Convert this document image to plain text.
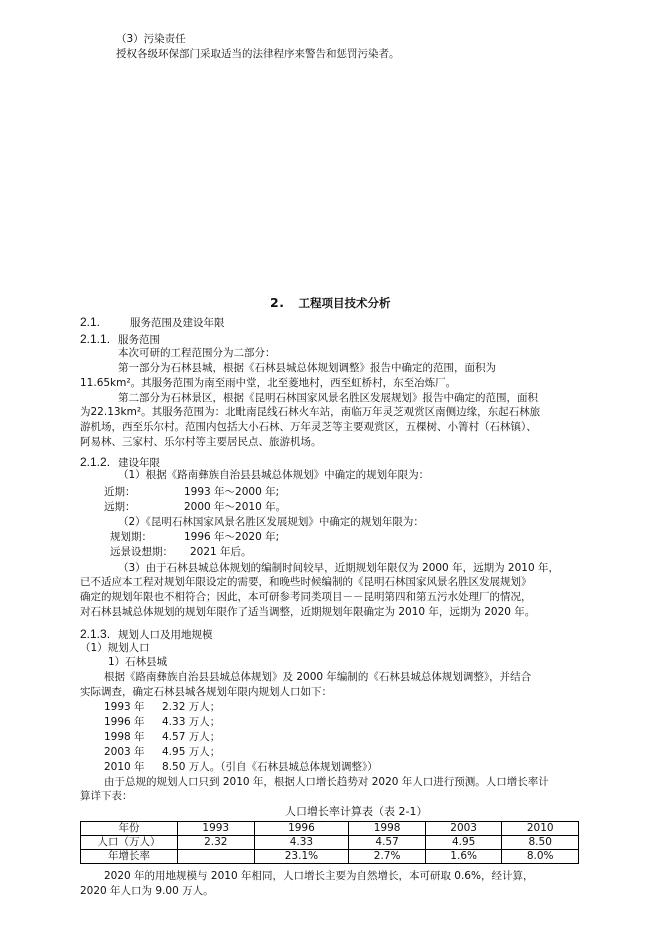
（3）污染责任
授权各级环保部门采取适当的法律程序来警告和惩罚污染者。
2. 工程项目技术分析
2.1.	服务范围及建设年限
2.1.1. 服务范围
本次可研的工程范围分为二部分：
第一部分为石林县城，根据《石林县城总体规划调整》报告中确定的范围，面积为
11.65km²。其服务范围为南至雨中堂，北至菱地村，西至虹桥村，东至冶炼厂。
第二部分为石林景区，根据《昆明石林国家风景名胜区发展规划》报告中确定的范围，面积
为22.13km²。其服务范围为：北毗南昆线石林火车站，南临万年灵芝观赏区南侧边缘，东起石林旅
游机场，西至乐尔村。范围内包括大小石林、万年灵芝等主要观赏区，五棵树、小箐村（石林镇）、
阿易林、三家村、乐尔村等主要居民点、旅游机场。
2.1.2. 建设年限
（1）根据《路南彝族自治县县城总体规划》中确定的规划年限为：
近期：	1993 年～2000 年;
远期：	2000 年～2010 年。
（2）《昆明石林国家风景名胜区发展规划》中确定的规划年限为：
规划期：	1996 年～2020 年;
远景设想期： 2021 年后。
（3）由于石林县城总体规划的编制时间较早，近期规划年限仅为 2000 年，远期为 2010 年，
已不适应本工程对规划年限设定的需要，和晚些时候编制的《昆明石林国家风景名胜区发展规划》
确定的规划年限也不相符合；因此，本可研参考同类项目－－昆明第四和第五污水处理厂的情况，
对石林县城总体规划的规划年限作了适当调整，近期规划年限确定为 2010 年，远期为 2020 年。
2.1.3. 规划人口及用地规模
（1）规划人口
1）石林县城
根据《路南彝族自治县县城总体规划》及 2000 年编制的《石林县城总体规划调整》，并结合
实际调查，确定石林县城各规划年限内规划人口如下：
1993 年 2.32 万人；
1996 年 4.33 万人；
1998 年 4.57 万人；
2003 年 4.95 万人；
2010 年 8.50 万人。（引自《石林县城总体规划调整》）
由于总规的规划人口只到 2010 年，根据人口增长趋势对 2020 年人口进行预测。人口增长率计
算详下表：
人口增长率计算表（表 2-1）
年份	1993	1996	1998	2003	2010
人口（万人）	2.32	4.33	4.57	4.95	8.50
年增长率		23.1%	2.7%	1.6%	8.0%
2020 年的用地规模与 2010 年相同，人口增长主要为自然增长，本可研取 0.6%，经计算，
2020 年人口为 9.00 万人。
